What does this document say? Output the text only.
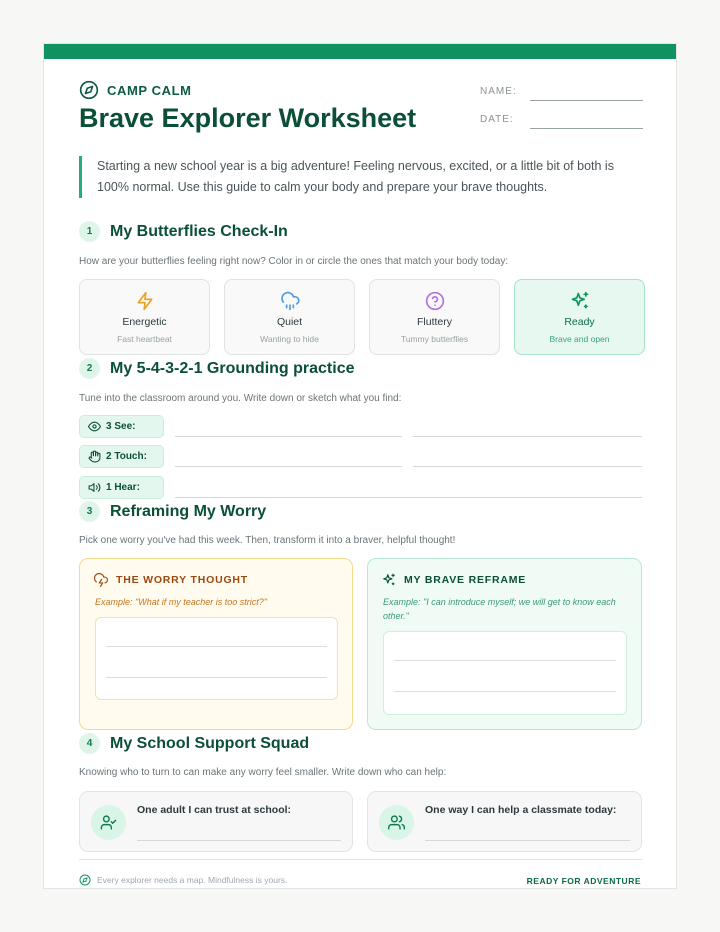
CAMP CALM
Brave Explorer Worksheet
NAME:
DATE:

Starting a new school year is a big adventure! Feeling nervous, excited, or a little bit of both is 100% normal. Use this guide to calm your body and prepare your brave thoughts.

1	My Butterflies Check-In

How are your butterflies feeling right now? Color in or circle the ones that match your body today:

Energetic
Fast heartbeat
Quiet
Wanting to hide
Fluttery
Tummy butterflies
Ready
Brave and open
2	My 5-4-3-2-1 Grounding practice

Tune into the classroom around you. Write down or sketch what you find:

3 See:
2 Touch:
1 Hear:
3	Reframing My Worry

Pick one worry you've had this week. Then, transform it into a braver, helpful thought!

THE WORRY THOUGHT

Example: "What if my teacher is too strict?"

MY BRAVE REFRAME

Example: "I can introduce myself; we will get to know each other."

4	My School Support Squad

Knowing who to turn to can make any worry feel smaller. Write down who can help:

One adult I can trust at school:	One way I can help a classmate today:
Every explorer needs a map. Mindfulness is yours.	READY FOR ADVENTURE
